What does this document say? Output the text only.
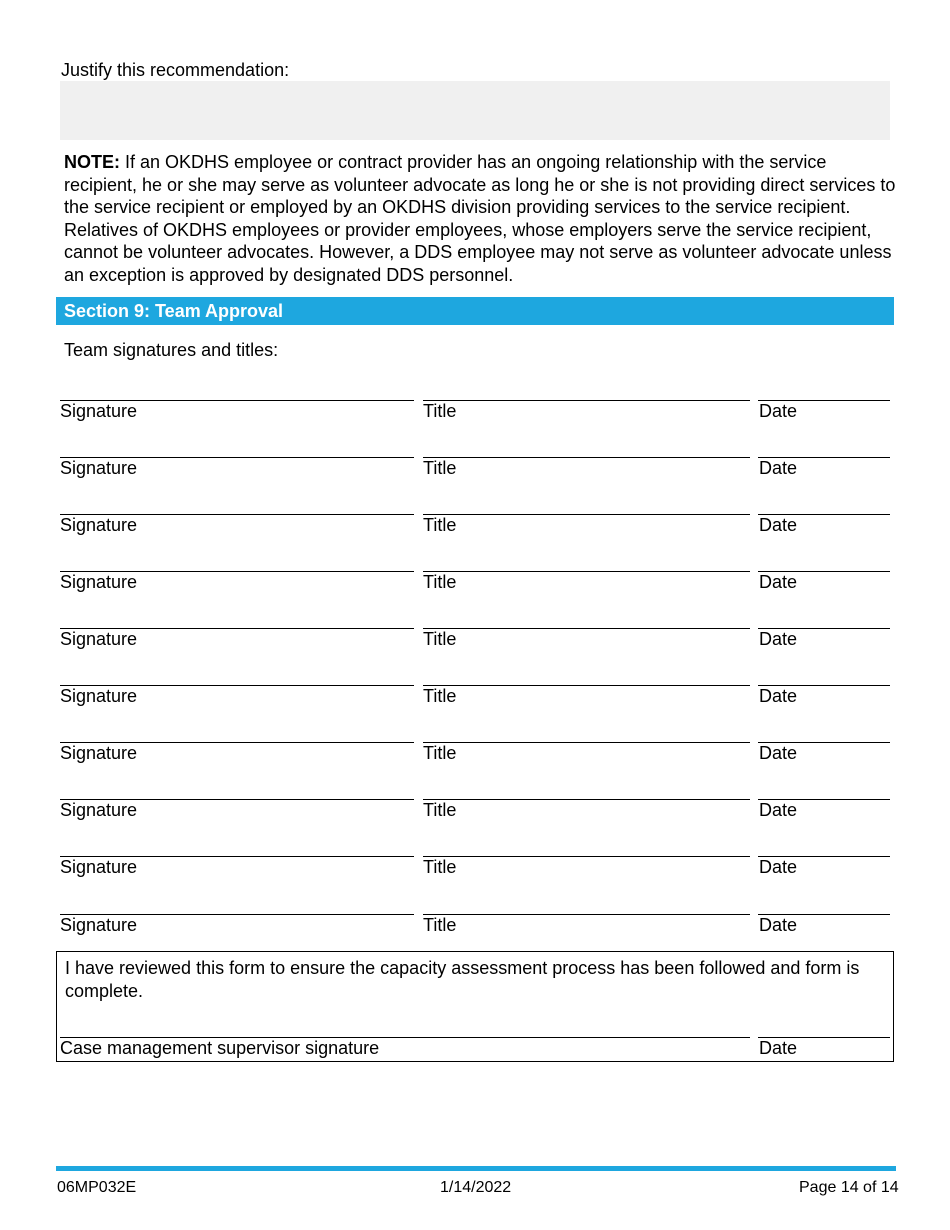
Justify this recommendation:
NOTE: If an OKDHS employee or contract provider has an ongoing relationship with the service recipient, he or she may serve as volunteer advocate as long he or she is not providing direct services to the service recipient or employed by an OKDHS division providing services to the service recipient. Relatives of OKDHS employees or provider employees, whose employers serve the service recipient, cannot be volunteer advocates. However, a DDS employee may not serve as volunteer advocate unless an exception is approved by designated DDS personnel.
Section 9: Team Approval
Team signatures and titles:
Signature	Title	Date
Signature	Title	Date
Signature	Title	Date
Signature	Title	Date
Signature	Title	Date
Signature	Title	Date
Signature	Title	Date
Signature	Title	Date
Signature	Title	Date
Signature	Title	Date
I have reviewed this form to ensure the capacity assessment process has been followed and form is complete.
Case management supervisor signature	Date
06MP032E	1/14/2022	Page 14 of 14
